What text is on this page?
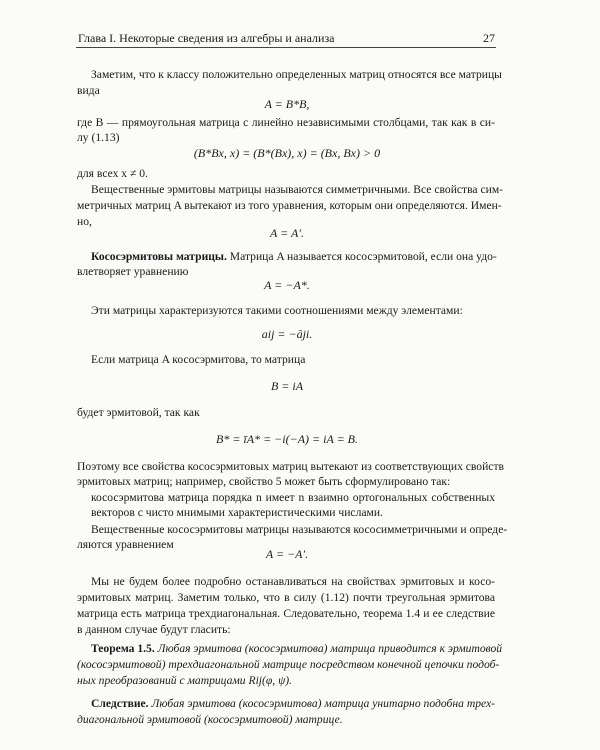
Глава I. Некоторые сведения из алгебры и анализа	27
Заметим, что к классу положительно определенных матриц относятся все матрицы
вида
A = B*B,
где B — прямоугольная матрица с линейно независимыми столбцами, так как в си-
лу (1.13)
(B*Bx, x) = (B*(Bx), x) = (Bx, Bx) > 0
для всех x ≠ 0.
Вещественные эрмитовы матрицы называются симметричными. Все свойства сим-
метричных матриц A вытекают из того уравнения, которым они определяются. Имен-
но,
A = A′.
Кососэрмитовы матрицы. Матрица A называется кососэрмитовой, если она удо-
влетворяет уравнению
A = −A*.
Эти матрицы характеризуются такими соотношениями между элементами:
aij = −āji.
Если матрица A кососэрмитова, то матрица
B = iA
будет эрмитовой, так как
B* = īA* = −i(−A) = iA = B.
Поэтому все свойства кососэрмитовых матриц вытекают из соответствующих свойств
эрмитовых матриц; например, свойство 5 может быть сформулировано так:
кососэрмитова матрица порядка n имеет n взаимно ортогональных собственных
векторов с чисто мнимыми характеристическими числами.
Вещественные кососэрмитовы матрицы называются кососимметричными и опреде-
ляются уравнением
A = −A′.
Мы не будем более подробно останавливаться на свойствах эрмитовых и косо-
эрмитовых матриц. Заметим только, что в силу (1.12) почти треугольная эрмитова
матрица есть матрица трехдиагональная. Следовательно, теорема 1.4 и ее следствие
в данном случае будут гласить:
Теорема 1.5. Любая эрмитова (кососэрмитова) матрица приводится к эрмитовой
(кососэрмитовой) трехдиагональной матрице посредством конечной цепочки подоб-
ных преобразований с матрицами Rij(φ, ψ).
Следствие. Любая эрмитова (кососэрмитова) матрица унитарно подобна трех-
диагональной эрмитовой (кососэрмитовой) матрице.
